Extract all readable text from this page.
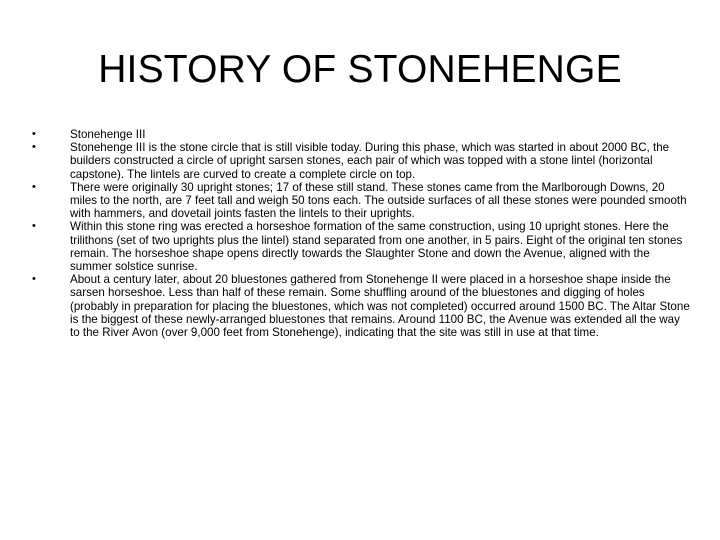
HISTORY OF STONEHENGE
•	Stonehenge III
•	Stonehenge III is the stone circle that is still visible today. During this phase, which was started in about 2000 BC, the builders constructed a circle of upright sarsen stones, each pair of which was topped with a stone lintel (horizontal capstone). The lintels are curved to create a complete circle on top.
•	There were originally 30 upright stones; 17 of these still stand. These stones came from the Marlborough Downs, 20 miles to the north, are 7 feet tall and weigh 50 tons each. The outside surfaces of all these stones were pounded smooth with hammers, and dovetail joints fasten the lintels to their uprights.
•	Within this stone ring was erected a horseshoe formation of the same construction, using 10 upright stones. Here the trilithons (set of two uprights plus the lintel) stand separated from one another, in 5 pairs. Eight of the original ten stones remain. The horseshoe shape opens directly towards the Slaughter Stone and down the Avenue, aligned with the summer solstice sunrise.
•	About a century later, about 20 bluestones gathered from Stonehenge II were placed in a horseshoe shape inside the sarsen horseshoe. Less than half of these remain. Some shuffling around of the bluestones and digging of holes (probably in preparation for placing the bluestones, which was not completed) occurred around 1500 BC. The Altar Stone is the biggest of these newly-arranged bluestones that remains. Around 1100 BC, the Avenue was extended all the way to the River Avon (over 9,000 feet from Stonehenge), indicating that the site was still in use at that time.
